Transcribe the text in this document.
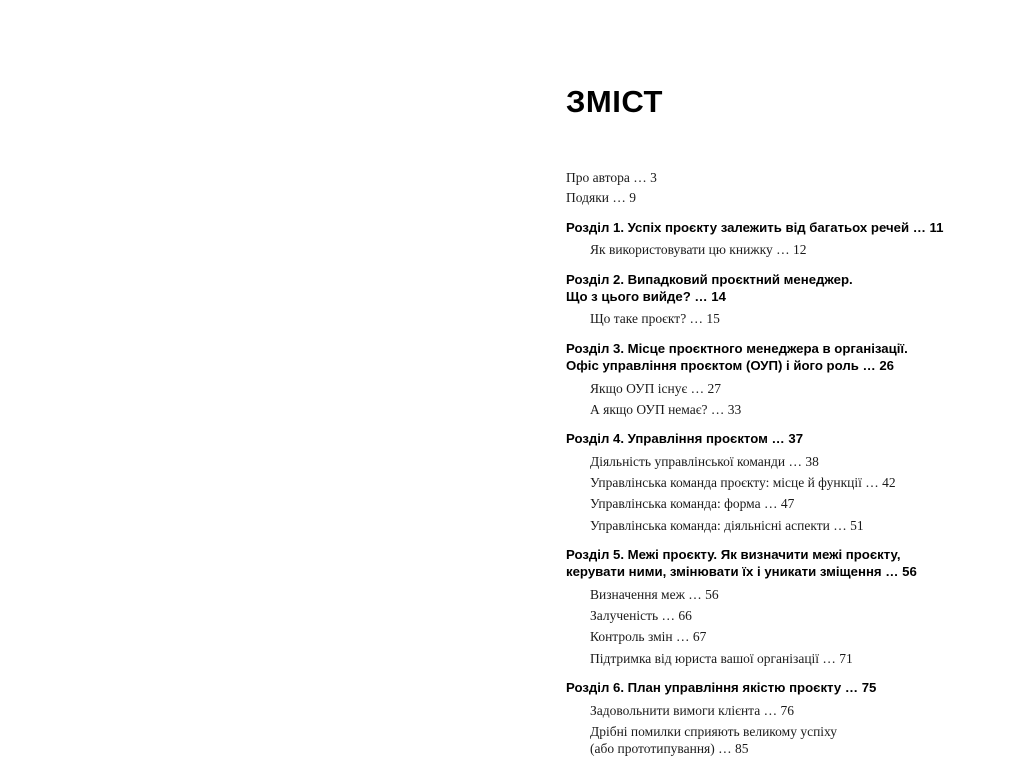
ЗМІСТ
Про автора … 3
Подяки … 9
Розділ 1. Успіх проєкту залежить від багатьох речей … 11
Як використовувати цю книжку … 12
Розділ 2. Випадковий проєктний менеджер.
Що з цього вийде? … 14
Що таке проєкт? … 15
Розділ 3. Місце проєктного менеджера в організації.
Офіс управління проєктом (ОУП) і його роль … 26
Якщо ОУП існує … 27
А якщо ОУП немає? … 33
Розділ 4. Управління проєктом … 37
Діяльність управлінської команди … 38
Управлінська команда проєкту: місце й функції … 42
Управлінська команда: форма … 47
Управлінська команда: діяльнісні аспекти … 51
Розділ 5. Межі проєкту. Як визначити межі проєкту,
керувати ними, змінювати їх і уникати зміщення … 56
Визначення меж … 56
Залученість … 66
Контроль змін … 67
Підтримка від юриста вашої організації … 71
Розділ 6. План управління якістю проєкту … 75
Задовольнити вимоги клієнта … 76
Дрібні помилки сприяють великому успіху
(або прототипування) … 85
